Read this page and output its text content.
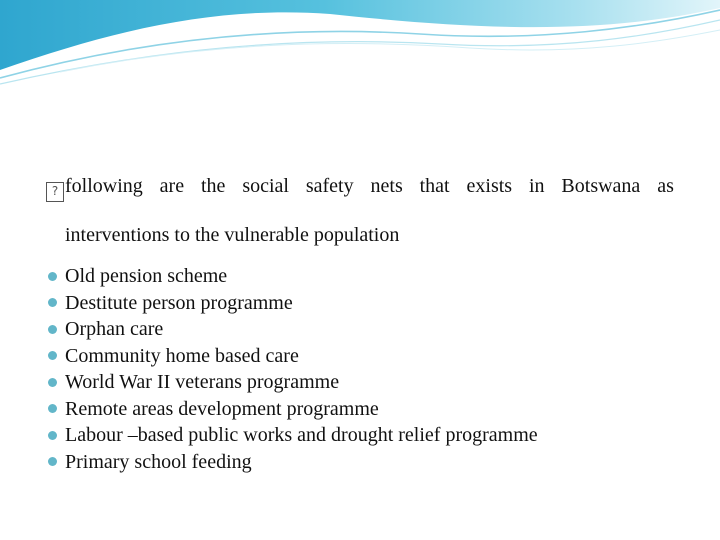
? following are the social safety nets that exists in Botswana as
interventions to the vulnerable population
Old pension scheme
Destitute person programme
Orphan care
Community home based care
World War II veterans programme
Remote areas development programme
Labour –based public works and drought relief programme
Primary school feeding
